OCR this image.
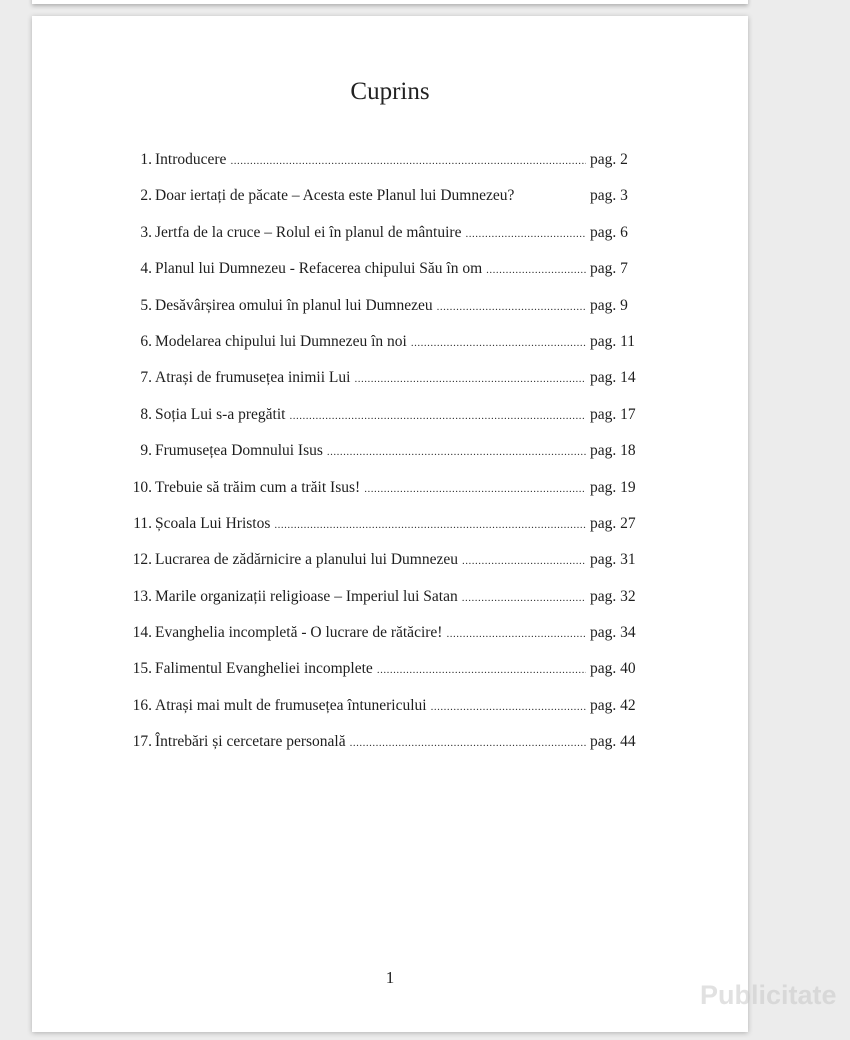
Cuprins
1. Introducere .....	pag. 2
2. Doar iertați de păcate – Acesta este Planul lui Dumnezeu?	pag. 3
3. Jertfa de la cruce – Rolul ei în planul de mântuire .....	pag. 6
4. Planul lui Dumnezeu - Refacerea chipului Său în om .....	pag. 7
5. Desăvârșirea omului în planul lui Dumnezeu .....	pag. 9
6. Modelarea chipului lui Dumnezeu în noi .....	pag. 11
7. Atrași de frumusețea inimii Lui .....	pag. 14
8. Soția Lui s-a pregătit .....	pag. 17
9. Frumusețea Domnului Isus .....	pag. 18
10. Trebuie să trăim cum a trăit Isus! .....	pag. 19
11. Școala Lui Hristos .....	pag. 27
12. Lucrarea de zădărnicire a planului lui Dumnezeu .....	pag. 31
13. Marile organizații religioase – Imperiul lui Satan .....	pag. 32
14. Evanghelia incompletă - O lucrare de rătăcire! .....	pag. 34
15. Falimentul Evangheliei incomplete .....	pag. 40
16. Atrași mai mult de frumusețea întunericului .....	pag. 42
17. Întrebări și cercetare personală .....	pag. 44
1
Publicitate
